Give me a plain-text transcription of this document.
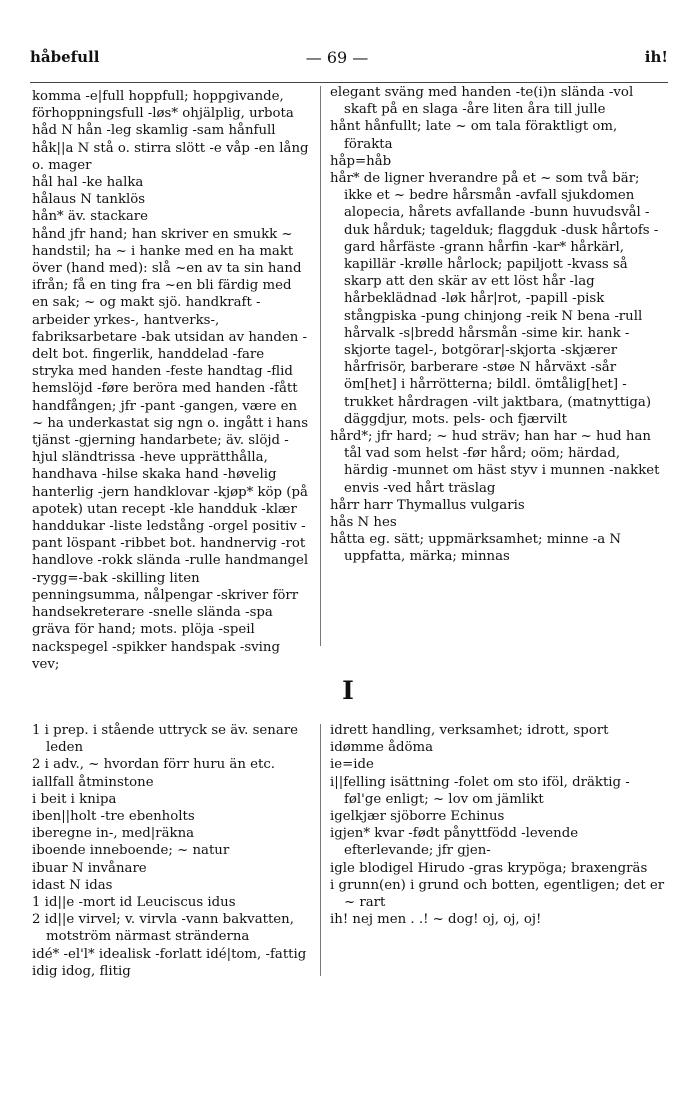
håbefull	— 69 —	ih!

komma -e|full hoppfull; hoppgivande, förhoppningsfull -løs* ohjälplig, urbota

håd N hån -leg skamlig -sam hånfull

håk||a N stå o. stirra slött -e våp -en lång o. mager

hål hal -ke halka

hålaus N tanklös

hån* äv. stackare

hånd jfr hand; han skriver en smukk ~ handstil; ha ~ i hanke med en ha makt över (hand med): slå ~en av ta sin hand ifrån; få en ting fra ~en bli färdig med en sak; ~ og makt sjö. handkraft -arbeider yrkes-, hantverks-, fabriksarbetare -bak utsidan av handen -delt bot. fingerlik, handdelad -fare stryka med handen -feste handtag -flid hemslöjd -føre beröra med handen -fått handfången; jfr -pant -gangen, være en ~ ha underkastat sig ngn o. ingått i hans tjänst -gjerning handarbete; äv. slöjd -hjul sländtrissa -heve upprätthålla, handhava -hilse skaka hand -høvelig hanterlig -jern handklovar -kjøp* köp (på apotek) utan recept -kle handduk -klær handdukar -liste ledstång -orgel positiv -pant löspant -ribbet bot. handnervig -rot handlove -rokk slända -rulle handmangel -rygg=-bak -skilling liten penningsumma, nålpengar -skriver förr handsekreterare -snelle slända -spa gräva för hand; mots. plöja -speil nackspegel -spikker handspak -sving vev;

elegant sväng med handen -te(i)n slända -vol skaft på en slaga -åre liten åra till julle

hånt hånfullt; late ~ om tala föraktligt om, förakta

håp=håb

hår* de ligner hverandre på et ~ som två bär; ikke et ~ bedre hårsmån -avfall sjukdomen alopecia, hårets avfallande -bunn huvudsvål -duk hårduk; tagelduk; flaggduk -dusk hårtofs -gard hårfäste -grann hårfin -kar* hårkärl, kapillär -krølle hårlock; papiljott -kvass så skarp att den skär av ett löst hår -lag hårbeklädnad -løk hår|rot, -papill -pisk stångpiska -pung chinjong -reik N bena -rull hårvalk -s|bredd hårsmån -sime kir. hank -skjorte tagel-, botgörar|-skjorta -skjærer hårfrisör, barberare -støe N hårväxt -sår öm[het] i hårrötterna; bildl. ömtålig[het] -trukket hårdragen -vilt jaktbara, (matnyttiga) däggdjur, mots. pels- och fjærvilt

hård*; jfr hard; ~ hud sträv; han har ~ hud han tål vad som helst -før hård; oöm; härdad, härdig -munnet om häst styv i munnen -nakket envis -ved hårt träslag

hårr harr Thymallus vulgaris

hås N hes

håtta eg. sätt; uppmärksamhet; minne -a N uppfatta, märka; minnas

I

1 i prep. i stående uttryck se äv. senare leden

2 i adv., ~ hvordan förr huru än etc.

iallfall åtminstone

i beit i knipa

iben||holt -tre ebenholts

iberegne in-, med|räkna

iboende inneboende; ~ natur

ibuar N invånare

idast N idas

1 id||e -mort id Leuciscus idus

2 id||e virvel; v. virvla -vann bakvatten, motström närmast stränderna

idé* -el'l* idealisk -forlatt idé|tom, -fattig

idig idog, flitig

idrett handling, verksamhet; idrott, sport

idømme ådöma

ie=ide

i||felling isättning -folet om sto iföl, dräktig -føl'ge enligt; ~ lov om jämlikt

igelkjær sjöborre Echinus

igjen* kvar -født pånyttfödd -levende efterlevande; jfr gjen-

igle blodigel Hirudo -gras krypöga; braxengräs

i grunn(en) i grund och botten, egentligen; det er ~ rart

ih! nej men . .! ~ dog! oj, oj, oj!
